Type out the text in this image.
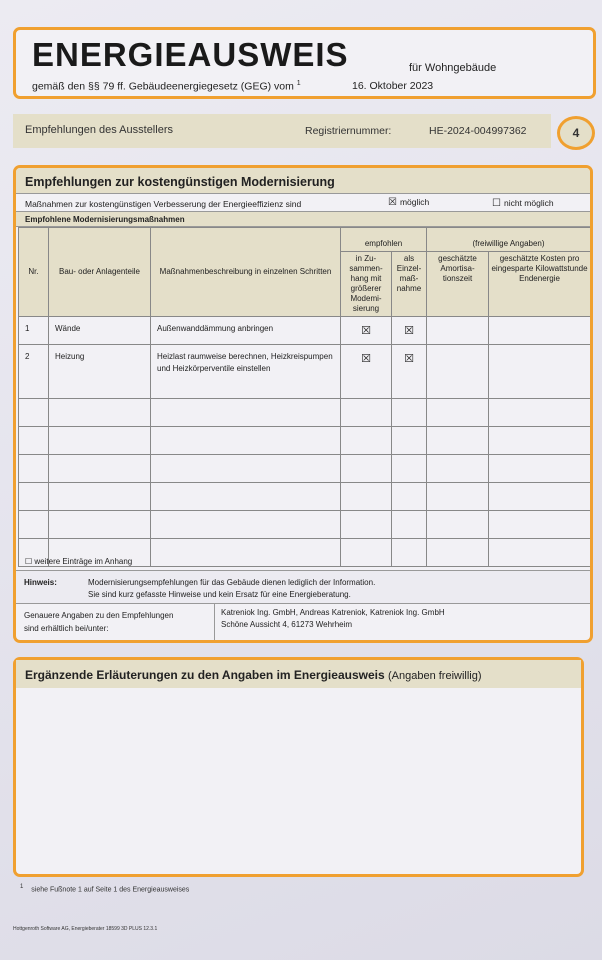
ENERGIEAUSWEIS	für Wohngebäude
gemäß den §§ 79 ff. Gebäudeenergiegesetz (GEG) vom $^1$	16. Oktober 2023
Empfehlungen des Ausstellers	Registriernummer:	HE-2024-004997362	4
Empfehlungen zur kostengünstigen Modernisierung
Maßnahmen zur kostengünstigen Verbesserung der Energieeffizienz sind	☒ möglich	☐ nicht möglich
Empfohlene Modernisierungsmaßnahmen
Nr.	Bau- oder Anlagenteile	Maßnahmenbeschreibung in einzelnen Schritten	empfohlen		(freiwillige Angaben)	
			in Zu-sammen-hang mit größerer Modemi-sierung	als Einzel-maß-nahme	geschätzte Amortisa-tionszeit	geschätzte Kosten pro eingesparte Kilowattstunde Endenergie
1	Wände	Außenwanddämmung anbringen	☒	☒		
2	Heizung	Heizlast raumweise berechnen, Heizkreispumpen und Heizkörperventile einstellen	☒	☒		

☐ weitere Einträge im Anhang
Hinweis:	Modernisierungsempfehlungen für das Gebäude dienen lediglich der Information.
Sie sind kurz gefasste Hinweise und kein Ersatz für eine Energieberatung.
Genauere Angaben zu den Empfehlungen
sind erhältlich bei/unter:
Katreniok Ing. GmbH, Andreas Katreniok, Katreniok Ing. GmbH
Schöne Aussicht 4, 61273 Wehrheim
Ergänzende Erläuterungen zu den Angaben im Energieausweis (Angaben freiwillig)
$^1$ siehe Fußnote 1 auf Seite 1 des Energieausweises
Hottgenroth Software AG, Energieberater 18599 3D PLUS 12.3.1
